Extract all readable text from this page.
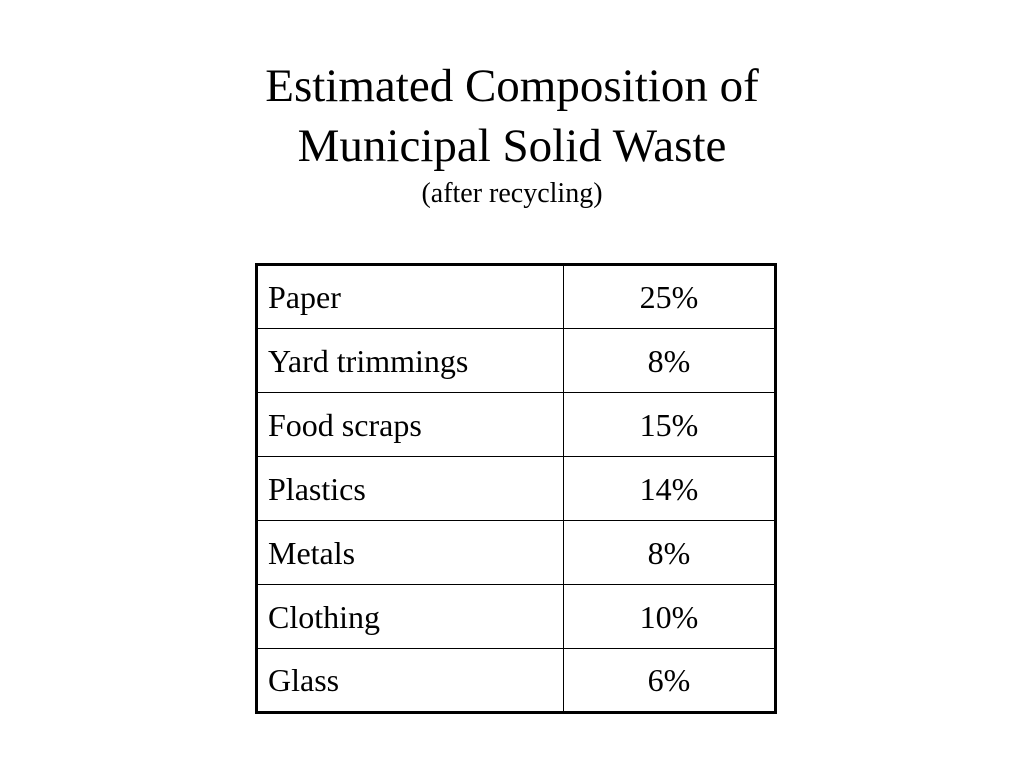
Estimated Composition of
Municipal Solid Waste
(after recycling)
Paper	25%
Yard trimmings	8%
Food scraps	15%
Plastics	14%
Metals	8%
Clothing	10%
Glass	6%
